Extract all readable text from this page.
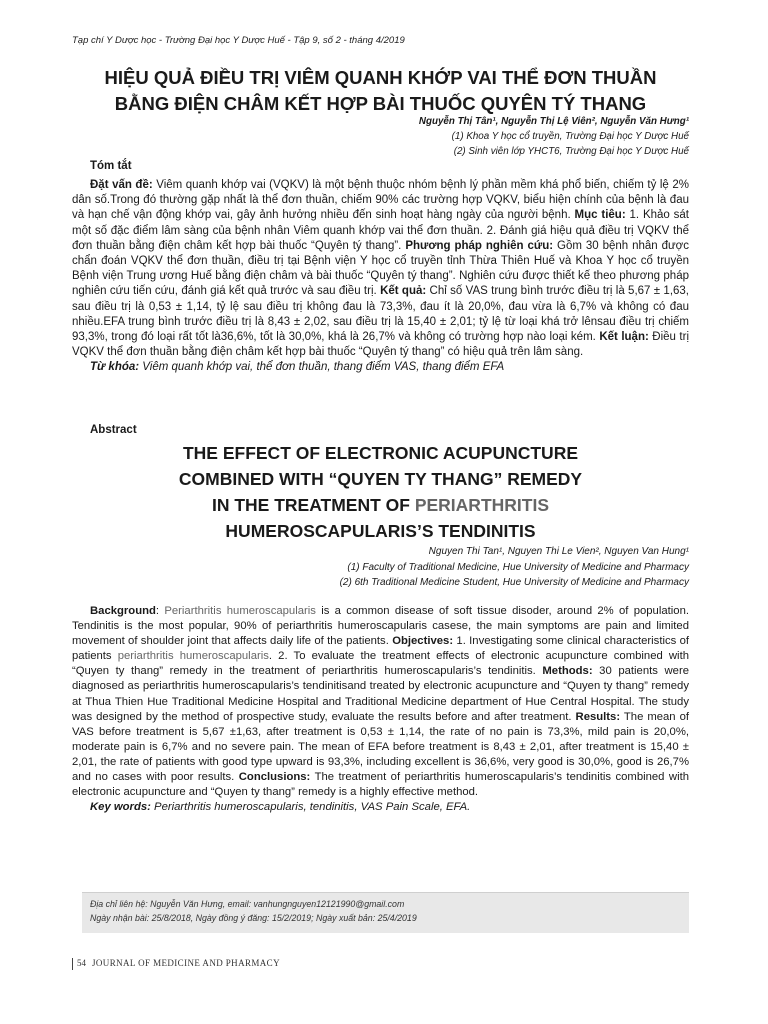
Tạp chí Y Dược học - Trường Đại học Y Dược Huế - Tập 9, số 2 - tháng 4/2019
HIỆU QUẢ ĐIỀU TRỊ VIÊM QUANH KHỚP VAI THỂ ĐƠN THUẦN
BẰNG ĐIỆN CHÂM KẾT HỢP BÀI THUỐC QUYÊN TÝ THANG
Nguyễn Thị Tân¹, Nguyễn Thị Lệ Viên², Nguyễn Văn Hưng¹
(1) Khoa Y học cổ truyền, Trường Đại học Y Dược Huế
(2) Sinh viên lớp YHCT6, Trường Đại học Y Dược Huế
Tóm tắt
Đặt vấn đề: Viêm quanh khớp vai (VQKV) là một bệnh thuộc nhóm bệnh lý phần mềm khá phổ biến, chiếm tỷ lệ 2% dân số.Trong đó thường gặp nhất là thể đơn thuần, chiếm 90% các trường hợp VQKV, biểu hiện chính của bệnh là đau và hạn chế vận động khớp vai, gây ảnh hưởng nhiều đến sinh hoạt hàng ngày của người bệnh. Mục tiêu: 1. Khảo sát một số đặc điểm lâm sàng của bệnh nhân Viêm quanh khớp vai thể đơn thuần. 2. Đánh giá hiệu quả điều trị VQKV thể đơn thuần bằng điện châm kết hợp bài thuốc “Quyên tý thang”. Phương pháp nghiên cứu: Gồm 30 bệnh nhân được chẩn đoán VQKV thể đơn thuần, điều trị tại Bệnh viện Y học cổ truyền tỉnh Thừa Thiên Huế và Khoa Y học cổ truyền Bệnh viện Trung ương Huế bằng điện châm và bài thuốc “Quyên tý thang”. Nghiên cứu được thiết kế theo phương pháp nghiên cứu tiến cứu, đánh giá kết quả trước và sau điều trị. Kết quả: Chỉ số VAS trung bình trước điều trị là 5,67 ± 1,63, sau điều trị là 0,53 ± 1,14, tỷ lệ sau điều trị không đau là 73,3%, đau ít là 20,0%, đau vừa là 6,7% và không có đau nhiều.EFA trung bình trước điều trị là 8,43 ± 2,02, sau điều trị là 15,40 ± 2,01; tỷ lệ từ loại khá trở lênsau điều trị chiếm 93,3%, trong đó loại rất tốt là36,6%, tốt là 30,0%, khá là 26,7% và không có trường hợp nào loại kém. Kết luận: Điều trị VQKV thể đơn thuần bằng điện châm kết hợp bài thuốc “Quyên tý thang” có hiệu quả trên lâm sàng.
Từ khóa: Viêm quanh khớp vai, thể đơn thuần, thang điểm VAS, thang điểm EFA
Abstract
THE EFFECT OF ELECTRONIC ACUPUNCTURE
COMBINED WITH “QUYEN TY THANG” REMEDY
IN THE TREATMENT OF PERIARTHRITIS
HUMEROSCAPULARIS’S TENDINITIS
Nguyen Thi Tan¹, Nguyen Thi Le Vien², Nguyen Van Hung¹
(1) Faculty of Traditional Medicine, Hue University of Medicine and Pharmacy
(2) 6th Traditional Medicine Student, Hue University of Medicine and Pharmacy
Background: Periarthritis humeroscapularis is a common disease of soft tissue disoder, around 2% of population. Tendinitis is the most popular, 90% of periarthritis humeroscapularis casese, the main symptoms are pain and limited movement of shoulder joint that affects daily life of the patients. Objectives: 1. Investigating some clinical characteristics of patients periarthritis humeroscapularis. 2. To evaluate the treatment effects of electronic acupuncture combined with “Quyen ty thang” remedy in the treatment of periarthritis humeroscapularis’s tendinitis. Methods: 30 patients were diagnosed as periarthritis humeroscapularis’s tendinitisand treated by electronic acupuncture and “Quyen ty thang” remedy at Thua Thien Hue Traditional Medicine Hospital and Traditional Medicine department of Hue Central Hospital. The study was designed by the method of prospective study, evaluate the results before and after treatment. Results: The mean of VAS before treatment is 5,67 ±1,63, after treatment is 0,53 ± 1,14, the rate of no pain is 73,3%, mild pain is 20,0%, moderate pain is 6,7% and no severe pain. The mean of EFA before treatment is 8,43 ± 2,01, after treatment is 15,40 ± 2,01, the rate of patients with good type upward is 93,3%, including excellent is 36,6%, very good is 30,0%, good is 26,7% and no cases with poor results. Conclusions: The treatment of periarthritis humeroscapularis’s tendinitis combined with electronic acupuncture and “Quyen ty thang” remedy is a highly effective method.
Key words: Periarthritis humeroscapularis, tendinitis, VAS Pain Scale, EFA.
Địa chỉ liên hệ: Nguyễn Văn Hưng, email: vanhungnguyen12121990@gmail.com
Ngày nhận bài: 25/8/2018, Ngày đồng ý đăng: 15/2/2019; Ngày xuất bản: 25/4/2019
54 JOURNAL OF MEDICINE AND PHARMACY
